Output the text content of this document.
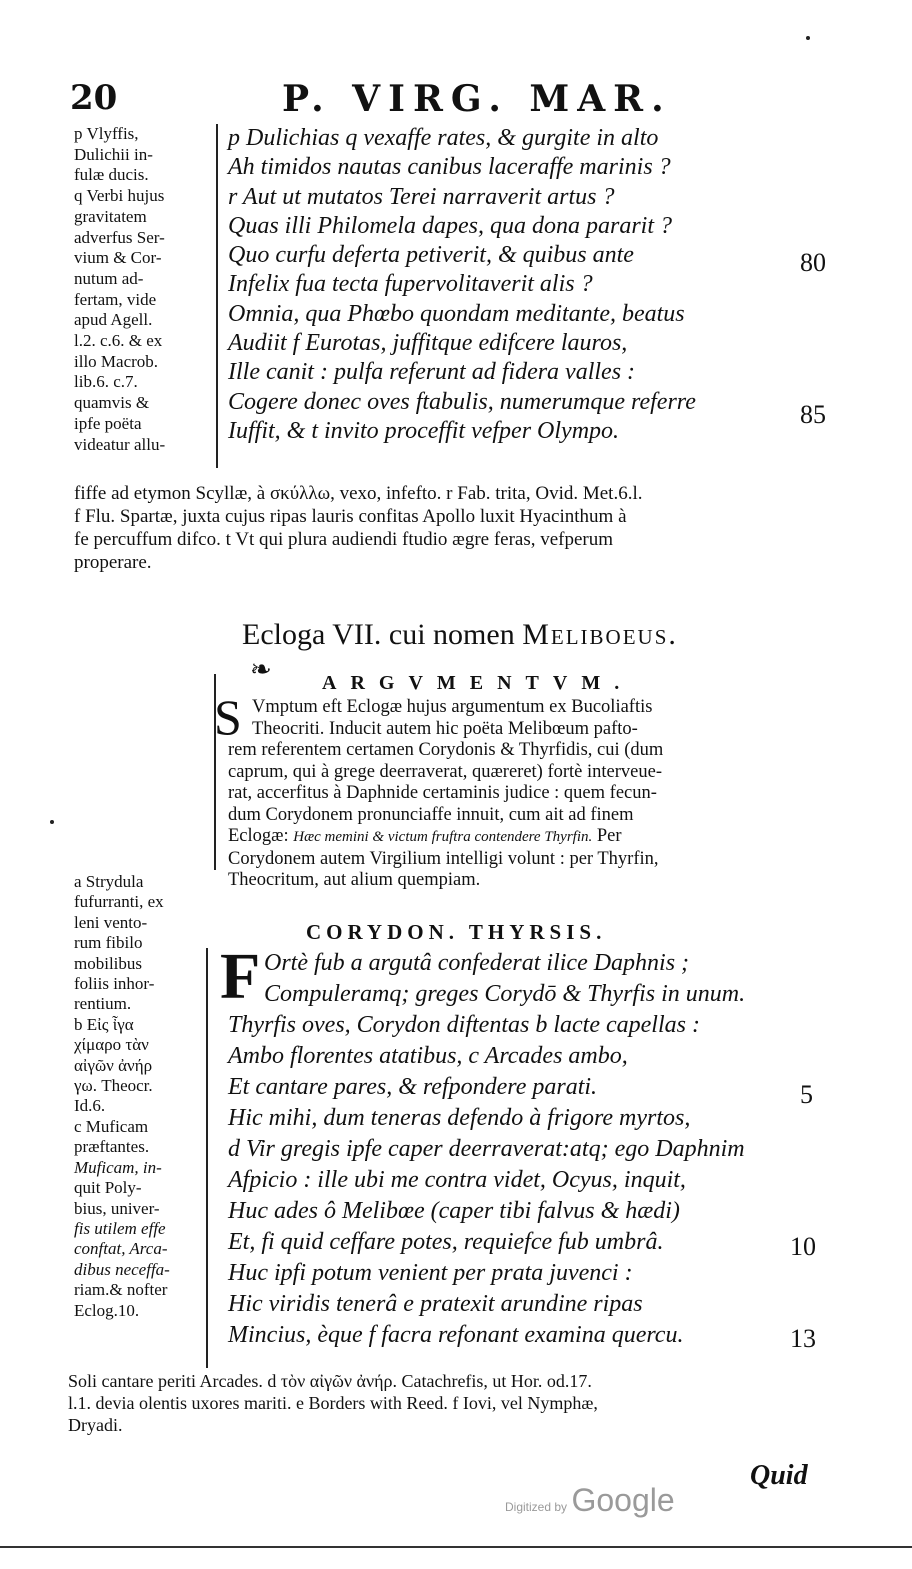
20	P. VIRG. MAR.
p Vlyffis,
Dulichii in-
fulæ ducis.
q Verbi hujus
gravitatem
adverfus Ser-
vium & Cor-
nutum ad-
fertam, vide
apud Agell.
l.2. c.6. & ex
illo Macrob.
lib.6. c.7.
quamvis &
ipfe poëta
videatur allu-
p Dulichias q vexaffe rates, & gurgite in alto
Ah timidos nautas canibus laceraffe marinis ?
r Aut ut mutatos Terei narraverit artus ?
Quas illi Philomela dapes, qua dona pararit ?
Quo curfu deferta petiverit, & quibus ante
Infelix fua tecta fupervolitaverit alis ?
Omnia, qua Phœbo quondam meditante, beatus
Audiit f Eurotas, juffitque edifcere lauros,
Ille canit : pulfa referunt ad fidera valles :
Cogere donec oves ftabulis, numerumque referre
Iuffit, & t invito proceffit vefper Olympo.
80
85
fiffe ad etymon Scyllæ, à σκύλλω, vexo, infefto. r Fab. trita, Ovid. Met.6.l.
f Flu. Spartæ, juxta cujus ripas lauris confitas Apollo luxit Hyacinthum à
fe percuffum difco. t Vt qui plura audiendi ftudio ægre feras, vefperum
properare.
Ecloga VII. cui nomen Meliboeus.
❧	ARGVMENTVM.
S Vmptum eft Eclogæ hujus argumentum ex Bucoliaftis
Theocriti. Inducit autem hic poëta Melibœum pafto-
rem referentem certamen Corydonis & Thyrfidis, cui (dum
caprum, qui à grege deerraverat, quæreret) fortè interveue-
rat, accerfitus à Daphnide certaminis judice : quem fecun-
dum Corydonem pronunciaffe innuit, cum ait ad finem
Eclogæ: Hæc memini & victum fruftra contendere Thyrfin. Per
Corydonem autem Virgilium intelligi volunt : per Thyrfin,
Theocritum, aut alium quempiam.
CORYDON. THYRSIS.
a Strydula
fufurranti, ex
leni vento-
rum fibilo
mobilibus
foliis inhor-
rentium.
b Εἰς ἶγα
χίμαρο τὰν
αἰγῶν ἀνήρ
γω. Theocr.
Id.6.
c Muficam
præftantes.
Muficam, in-
quit Poly-
bius, univer-
fis utilem effe
conftat, Arca-
dibus neceffa-
riam.& nofter
Eclog.10.
F Ortè fub a argutâ confederat ilice Daphnis ;
Compuleramq; greges Corydō & Thyrfis in unum.
Thyrfis oves, Corydon diftentas b lacte capellas :
Ambo florentes atatibus, c Arcades ambo,
Et cantare pares, & refpondere parati.
Hic mihi, dum teneras defendo à frigore myrtos,
d Vir gregis ipfe caper deerraverat:atq; ego Daphnim
Afpicio : ille ubi me contra videt, Ocyus, inquit,
Huc ades ô Melibœe (caper tibi falvus & hædi)
Et, fi quid ceffare potes, requiefce fub umbrâ.
Huc ipfi potum venient per prata juvenci :
Hic viridis tenerâ e pratexit arundine ripas
Mincius, èque f facra refonant examina quercu.
5
10
13
Soli cantare periti Arcades. d τὸν αἰγῶν ἀνήρ. Catachrefis, ut Hor. od.17.
l.1. devia olentis uxores mariti. e Borders with Reed. f Iovi, vel Nymphæ,
Dryadi.
Quid
Digitized by Google
